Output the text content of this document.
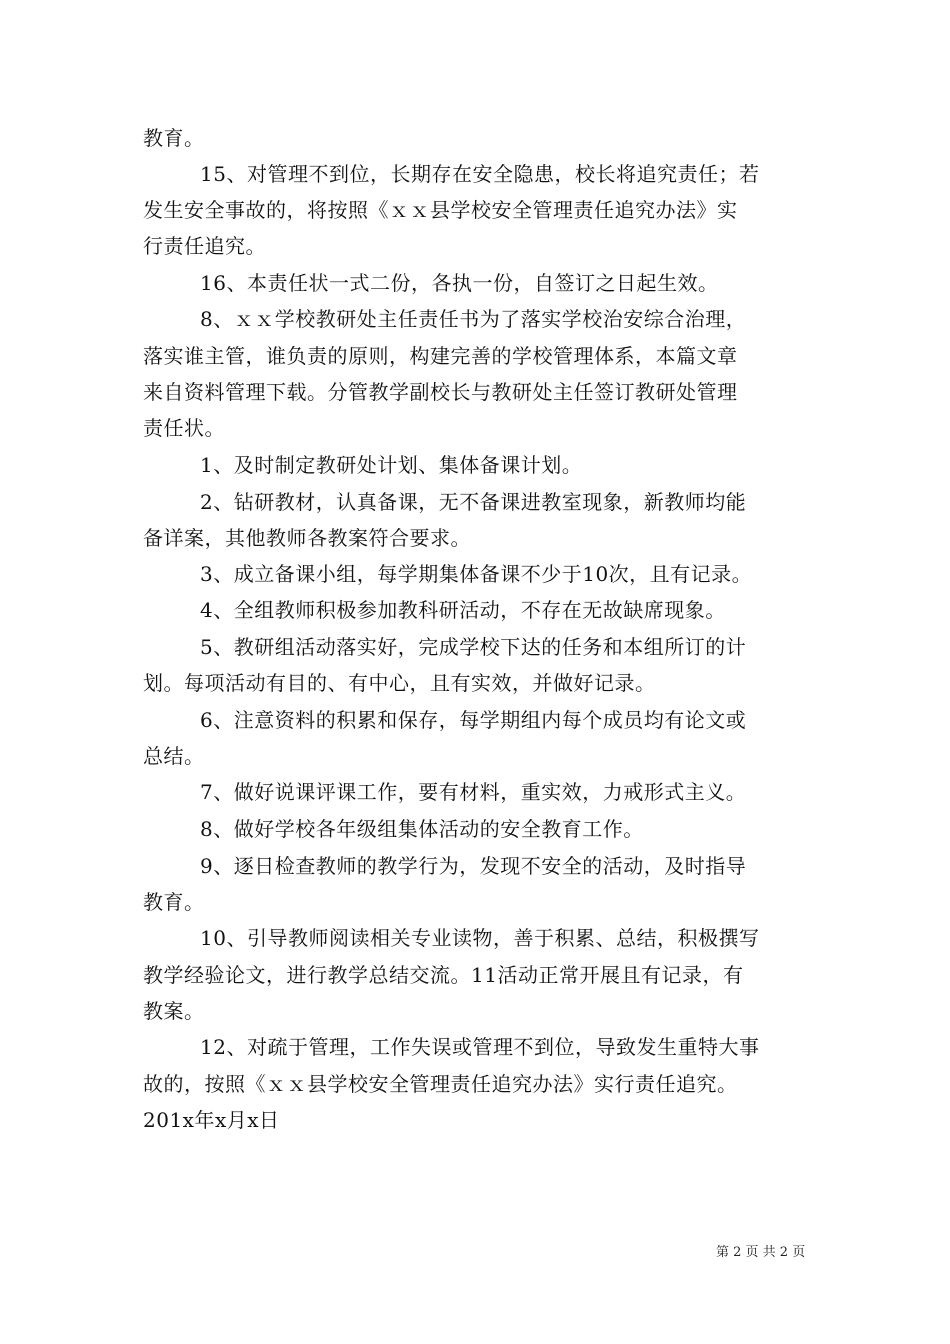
教育。
15、对管理不到位，长期存在安全隐患，校长将追究责任；若
发生安全事故的，将按照《ｘｘ县学校安全管理责任追究办法》实
行责任追究。
16、本责任状一式二份，各执一份，自签订之日起生效。
8、ｘｘ学校教研处主任责任书为了落实学校治安综合治理，
落实谁主管，谁负责的原则，构建完善的学校管理体系，本篇文章
来自资料管理下载。分管教学副校长与教研处主任签订教研处管理
责任状。
1、及时制定教研处计划、集体备课计划。
2、钻研教材，认真备课，无不备课进教室现象，新教师均能
备详案，其他教师各教案符合要求。
3、成立备课小组，每学期集体备课不少于10次，且有记录。
4、全组教师积极参加教科研活动，不存在无故缺席现象。
5、教研组活动落实好，完成学校下达的任务和本组所订的计
划。每项活动有目的、有中心，且有实效，并做好记录。
6、注意资料的积累和保存，每学期组内每个成员均有论文或
总结。
7、做好说课评课工作，要有材料，重实效，力戒形式主义。
8、做好学校各年级组集体活动的安全教育工作。
9、逐日检查教师的教学行为，发现不安全的活动，及时指导
教育。
10、引导教师阅读相关专业读物，善于积累、总结，积极撰写
教学经验论文，进行教学总结交流。11活动正常开展且有记录，有
教案。
12、对疏于管理，工作失误或管理不到位，导致发生重特大事
故的，按照《ｘｘ县学校安全管理责任追究办法》实行责任追究。
201x年x月x日
第 2 页 共 2 页
